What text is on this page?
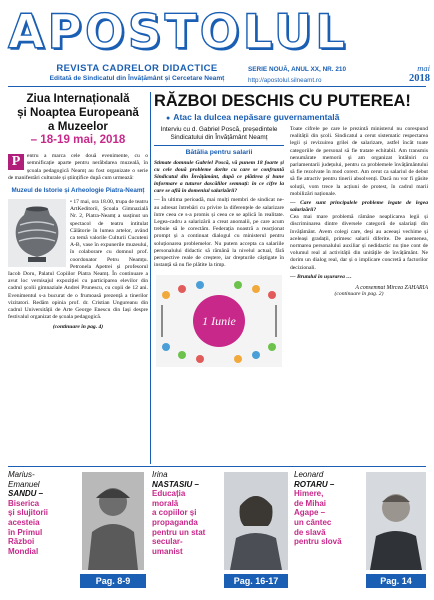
APOSTOLUL
REVISTA CADRELOR DIDACTICE
Editată de Sindicatul din Învățământ și Cercetare Neamț
SERIE NOUĂ, ANUL XX, NR. 210	mai
http://apostolul.silneamt.ro	2018
Ziua Internațională
și Noaptea Europeană
a Muzeelor
– 18-19 mai, 2018
P	entru a marca cele două evenimente, cu o semnificație aparte pentru nerăbdarea muzeală, în școala pedagogică Neamț au fost organizate o serie de manifestări culturale și științifice după cum urmează:
Muzeul de Istorie și Arheologie Piatra-Neamț
• 17 mai, ora 18.00, trupa de teatru ArtKeditorii, Școala Gimnazială Nr. 2, Piatra-Neamț a susținut un spectacol de teatru intitulat Călătorie în lumea artelor, având ca temă valorile Culturii Cucuteni A-B, vase în expunerile muzeului, în colaborare cu domnul prof. coordonator Petru Neamțu. Petronela Apetrei și profesorul Iacob Doru, Palatul Copiilor Piatra Neamț. În continuare a avut loc vernisajul expoziției cu participarea elevilor din cadrul școlii gimnaziale Andrei Prunescu, cu copii de 12 ani. Evenimentul s-a bucurat de o frumoasă prezență a tinerilor vizitatori. Redăm opinia prof. dr. Cristian Ungureanu din cadrul Universității de Arte George Enescu din Iași despre festivalul organizat de școala pedagogică.
(continuare în pag. 4)
RĂZBOI DESCHIS CU PUTEREA!
● Atac la dulcea nepăsare guvernamentală
Interviu cu d. Gabriel Poscă, președintele Sindicatului din Învățământ Neamț
Bătălia pentru salarii
Stimate domnule Gabriel Poscă, vă punem 18 foarte și cu cele două probleme dorite cu care se confruntă Sindicatul din Învățământ, după ce plătirea și bune informare a tuturor dascălilor semnați: în ce cifre la care se află în domeniul salarizării?
— În ultima perioadă, mai mulți membri de sindicat ne-au adresat întrebări cu privire la diferențele de salarizare între ceea ce s-a promis și ceea ce se aplică în realitate. Legea-cadru a salarizării a creat anomalii, pe care acum trebuie să le corectăm. Federația noastră a reacționat prompt și a continuat dialogul cu ministerul pentru soluționarea problemelor. Nu putem accepta ca salariile personalului didactic să rămână la nivelul actual, fără perspective reale de creștere, iar drepturile câștigate în instanță să nu fie plătite la timp.
1 Iunie
Toate cifrele pe care le prezintă ministerul nu corespund realității din școli. Sindicatul a cerut sistematic respectarea legii și revizuirea grilei de salarizare, astfel încât toate categoriile de personal să fie tratate echitabil. Am transmis nenumărate memorii și am organizat întâlniri cu parlamentarii județului, pentru ca problemele învățământului să fie rezolvate în mod corect. Am cerut ca salariul de debut să fie atractiv pentru tinerii absolvenți. Dacă nu vor fi găsite soluții, vom trece la acțiuni de protest, în cadrul marii mobilizări naționale.
— Care sunt principalele probleme legate de legea salarizării?
Cea mai mare problemă rămâne neaplicarea legii și discriminarea dintre diversele categorii de salariați din învățământ. Avem colegi care, deși au aceeași vechime și aceleași gradații, primesc salarii diferite. De asemenea, normarea personalului auxiliar și nedidactic nu ține cont de volumul real al activității din unitățile de învățământ. Ne dorim un dialog real, dar și o implicare concretă a factorilor decizionali.
— Brutalul în ușurarea …
A consemnat Mircea ZAHARIA
(continuare în pag. 2)
Marius-
Emanuel
SANDU –
Biserica
și slujitorii
acesteia
în Primul
Război
Mondial
Pag. 8-9
Irina
NASTASIU –
Educația
morală
a copiilor și
propaganda
pentru un stat
secular-
umanist
Pag. 16-17
Leonard
ROTARU –
Himere,
de Mihai
Agape –
un cântec
de slavă
pentru slovă
Pag. 14
